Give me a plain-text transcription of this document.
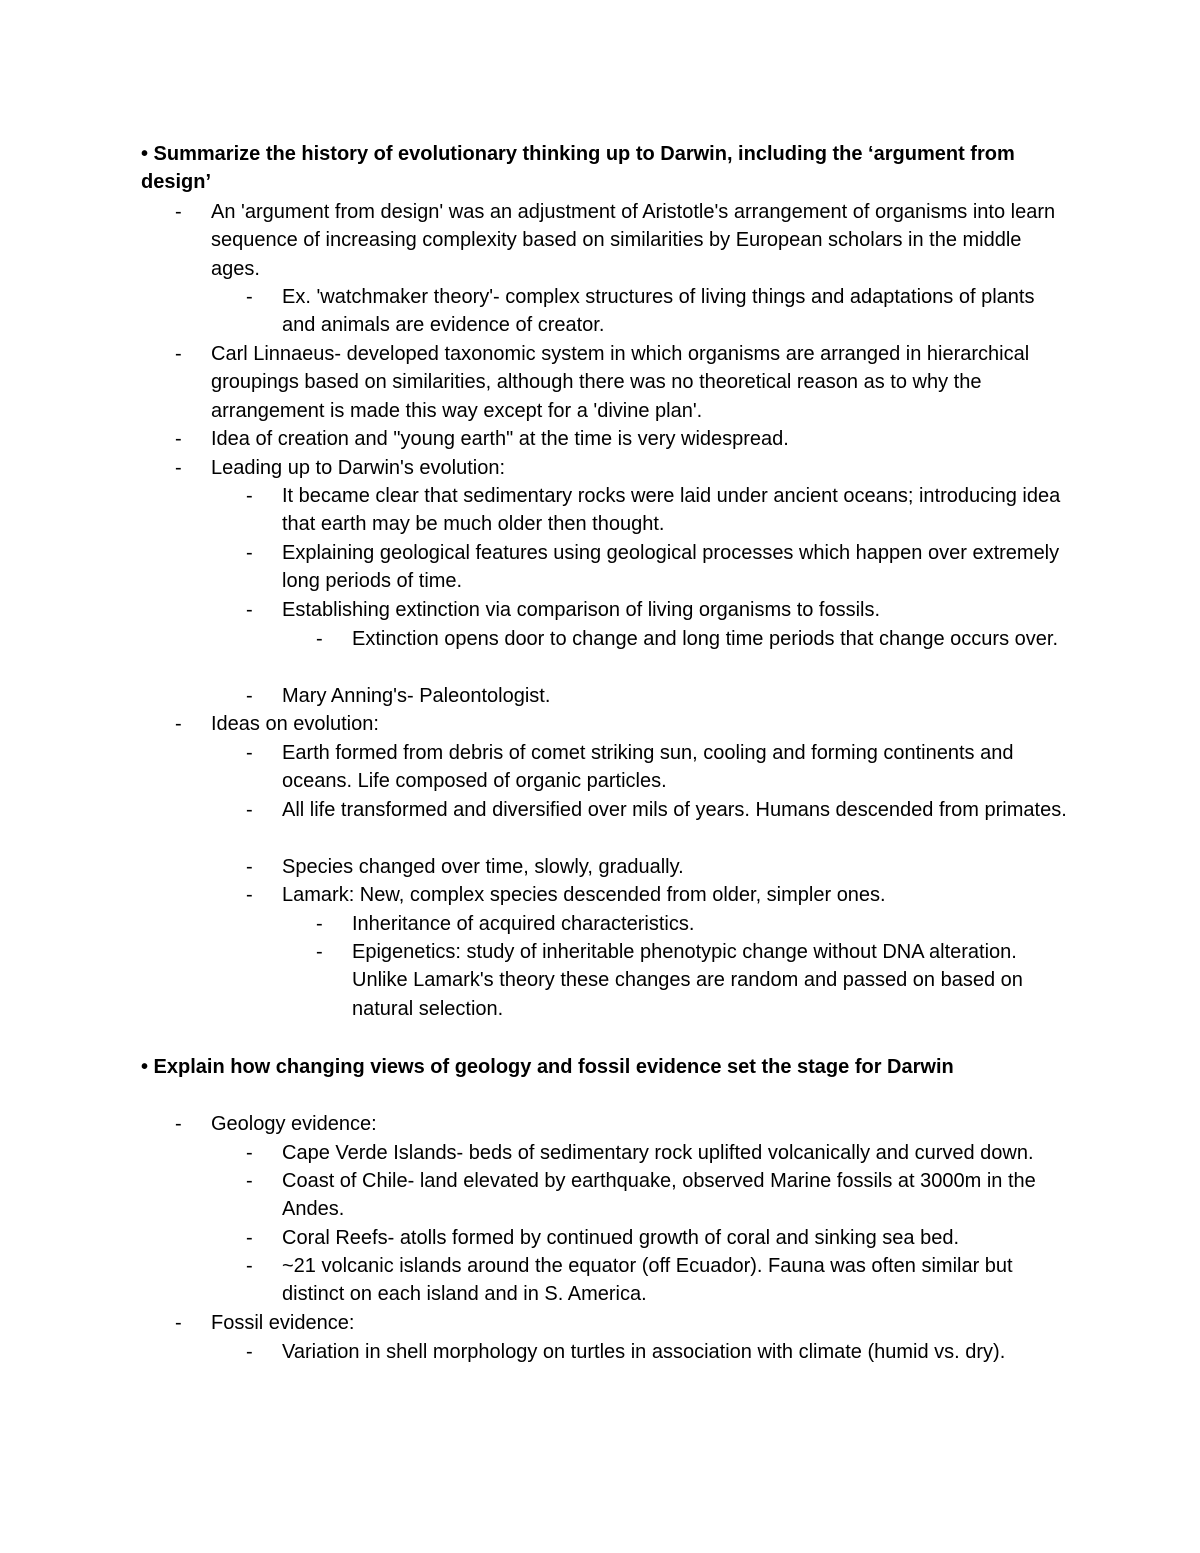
• Summarize the history of evolutionary thinking up to Darwin, including the ‘argument from design’

- An 'argument from design' was an adjustment of Aristotle's arrangement of organisms into learn sequence of increasing complexity based on similarities by European scholars in the middle ages.
- Ex. 'watchmaker theory'- complex structures of living things and adaptations of plants and animals are evidence of creator.
- Carl Linnaeus- developed taxonomic system in which organisms are arranged in hierarchical groupings based on similarities, although there was no theoretical reason as to why the arrangement is made this way except for a 'divine plan'.
- Idea of creation and "young earth" at the time is very widespread.
- Leading up to Darwin's evolution:
- It became clear that sedimentary rocks were laid under ancient oceans; introducing idea that earth may be much older then thought.
- Explaining geological features using geological processes which happen over extremely long periods of time.
- Establishing extinction via comparison of living organisms to fossils.
- Extinction opens door to change and long time periods that change occurs over.
- Mary Anning's- Paleontologist.
- Ideas on evolution:
- Earth formed from debris of comet striking sun, cooling and forming continents and oceans. Life composed of organic particles.
- All life transformed and diversified over mils of years. Humans descended from primates.
- Species changed over time, slowly, gradually.
- Lamark: New, complex species descended from older, simpler ones.
- Inheritance of acquired characteristics.
- Epigenetics: study of inheritable phenotypic change without DNA alteration. Unlike Lamark's theory these changes are random and passed on based on natural selection.

• Explain how changing views of geology and fossil evidence set the stage for Darwin

- Geology evidence:
- Cape Verde Islands- beds of sedimentary rock uplifted volcanically and curved down.
- Coast of Chile- land elevated by earthquake, observed Marine fossils at 3000m in the Andes.
- Coral Reefs- atolls formed by continued growth of coral and sinking sea bed.
- ~21 volcanic islands around the equator (off Ecuador). Fauna was often similar but distinct on each island and in S. America.
- Fossil evidence:
- Variation in shell morphology on turtles in association with climate (humid vs. dry).
